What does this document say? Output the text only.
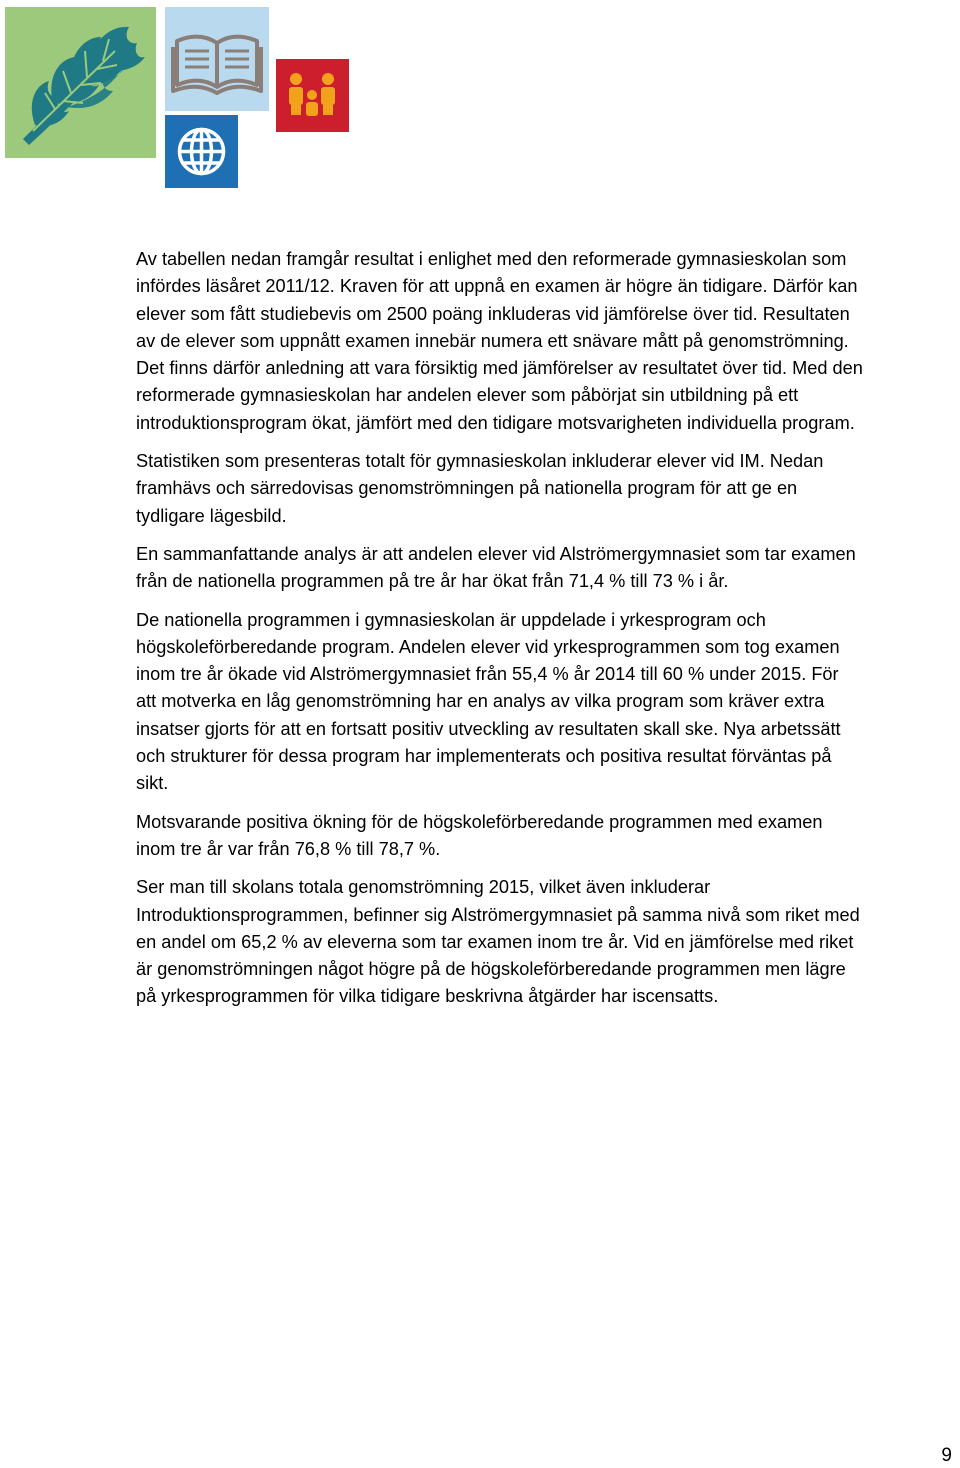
Av tabellen nedan framgår resultat i enlighet med den reformerade gymnasieskolan som
infördes läsåret 2011/12. Kraven för att uppnå en examen är högre än tidigare. Därför kan
elever som fått studiebevis om 2500 poäng inkluderas vid jämförelse över tid. Resultaten
av de elever som uppnått examen innebär numera ett snävare mått på genomströmning.
Det finns därför anledning att vara försiktig med jämförelser av resultatet över tid. Med den
reformerade gymnasieskolan har andelen elever som påbörjat sin utbildning på ett
introduktionsprogram ökat, jämfört med den tidigare motsvarigheten individuella program.

Statistiken som presenteras totalt för gymnasieskolan inkluderar elever vid IM. Nedan
framhävs och särredovisas genomströmningen på nationella program för att ge en
tydligare lägesbild.

En sammanfattande analys är att andelen elever vid Alströmergymnasiet som tar examen
från de nationella programmen på tre år har ökat från 71,4 % till 73 % i år.

De nationella programmen i gymnasieskolan är uppdelade i yrkesprogram och
högskoleförberedande program. Andelen elever vid yrkesprogrammen som tog examen
inom tre år ökade vid Alströmergymnasiet från 55,4 % år 2014 till 60 % under 2015. För
att motverka en låg genomströmning har en analys av vilka program som kräver extra
insatser gjorts för att en fortsatt positiv utveckling av resultaten skall ske. Nya arbetssätt
och strukturer för dessa program har implementerats och positiva resultat förväntas på
sikt.

Motsvarande positiva ökning för de högskoleförberedande programmen med examen
inom tre år var från 76,8 % till 78,7 %.

Ser man till skolans totala genomströmning 2015, vilket även inkluderar
Introduktionsprogrammen, befinner sig Alströmergymnasiet på samma nivå som riket med
en andel om 65,2 % av eleverna som tar examen inom tre år. Vid en jämförelse med riket
är genomströmningen något högre på de högskoleförberedande programmen men lägre
på yrkesprogrammen för vilka tidigare beskrivna åtgärder har iscensatts.

9
